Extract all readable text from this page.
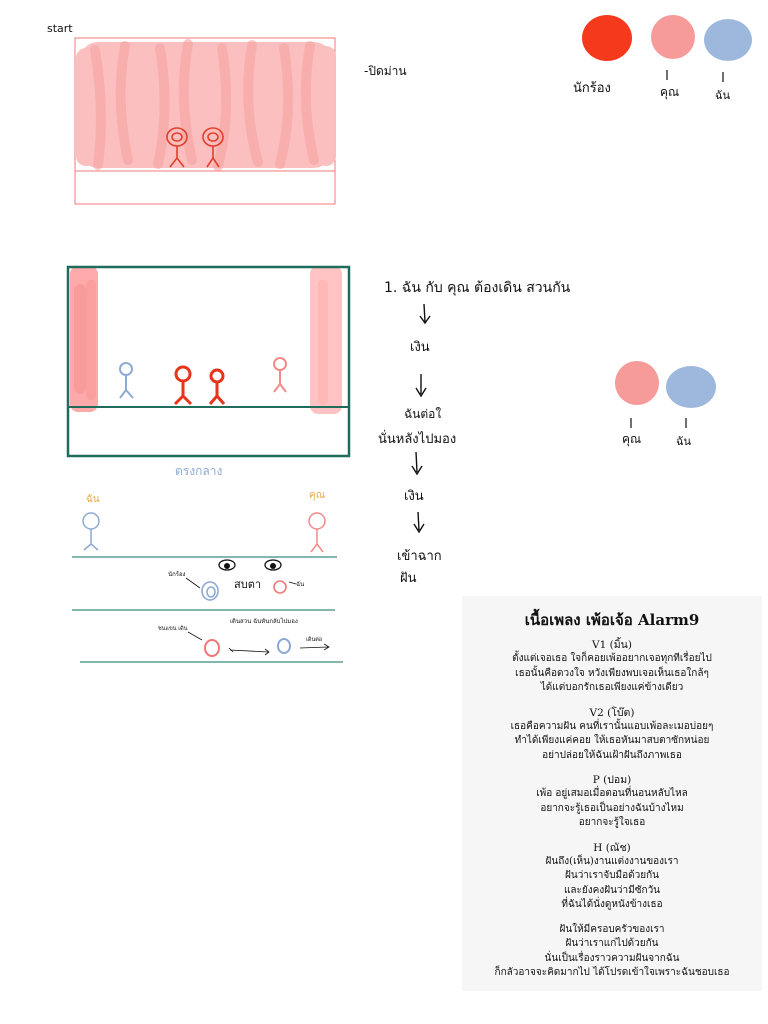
start
-ปิดม่าน
นักร้อง	คุณ	ฉัน
1. ฉัน กับ คุณ ต้องเดิน สวนกัน
เงิน
ฉันต่อใ
นั่นหลังไปมอง
เงิน
เข้าฉาก
ฝัน
คุณ	ฉัน
ตรงกลาง
ฉัน	คุณ
สบตา
นักร้อง
ฉัน
ชนแขน เดิน
เดินสวน ฉันหันกลับไปมอง
เดินต่อ
เนื้อเพลง เพ้อเจ้อ Alarm9

V1 (มิ้น)

ตั้งแต่เจอเธอ ใจก็คอยเพ้ออยากเจอทุกทีเรื่อยไป

เธอนั้นคือดวงใจ หวังเพียงพบเจอเห็นเธอใกล้ๆ

ได้แต่บอกรักเธอเพียงแค่ข้างเดียว

V2 (โบ๊ต)

เธอคือความฝัน คนที่เรานั้นแอบเพ้อละเมอบ่อยๆ

ทำได้เพียงแค่คอย ให้เธอหันมาสบตาซักหน่อย

อย่าปล่อยให้ฉันเฝ้าฝันถึงภาพเธอ

P (ปอม)

เพ้อ อยู่เสมอเมื่อตอนที่นอนหลับไหล

อยากจะรู้เธอเป็นอย่างฉันบ้างไหม

อยากจะรู้ใจเธอ

H (ณัช)

ฝันถึง(เห็น)งานแต่งงานของเรา

ฝันว่าเราจับมือด้วยกัน

และยังคงฝันว่ามีซักวัน

ที่ฉันได้นั่งดูหนังข้างเธอ

ฝันให้มีครอบครัวของเรา

ฝันว่าเราแก่ไปด้วยกัน

นั่นเป็นเรื่องราวความฝันจากฉัน

ก็กลัวอาจจะคิดมากไป ได้โปรดเข้าใจเพราะฉันชอบเธอ
